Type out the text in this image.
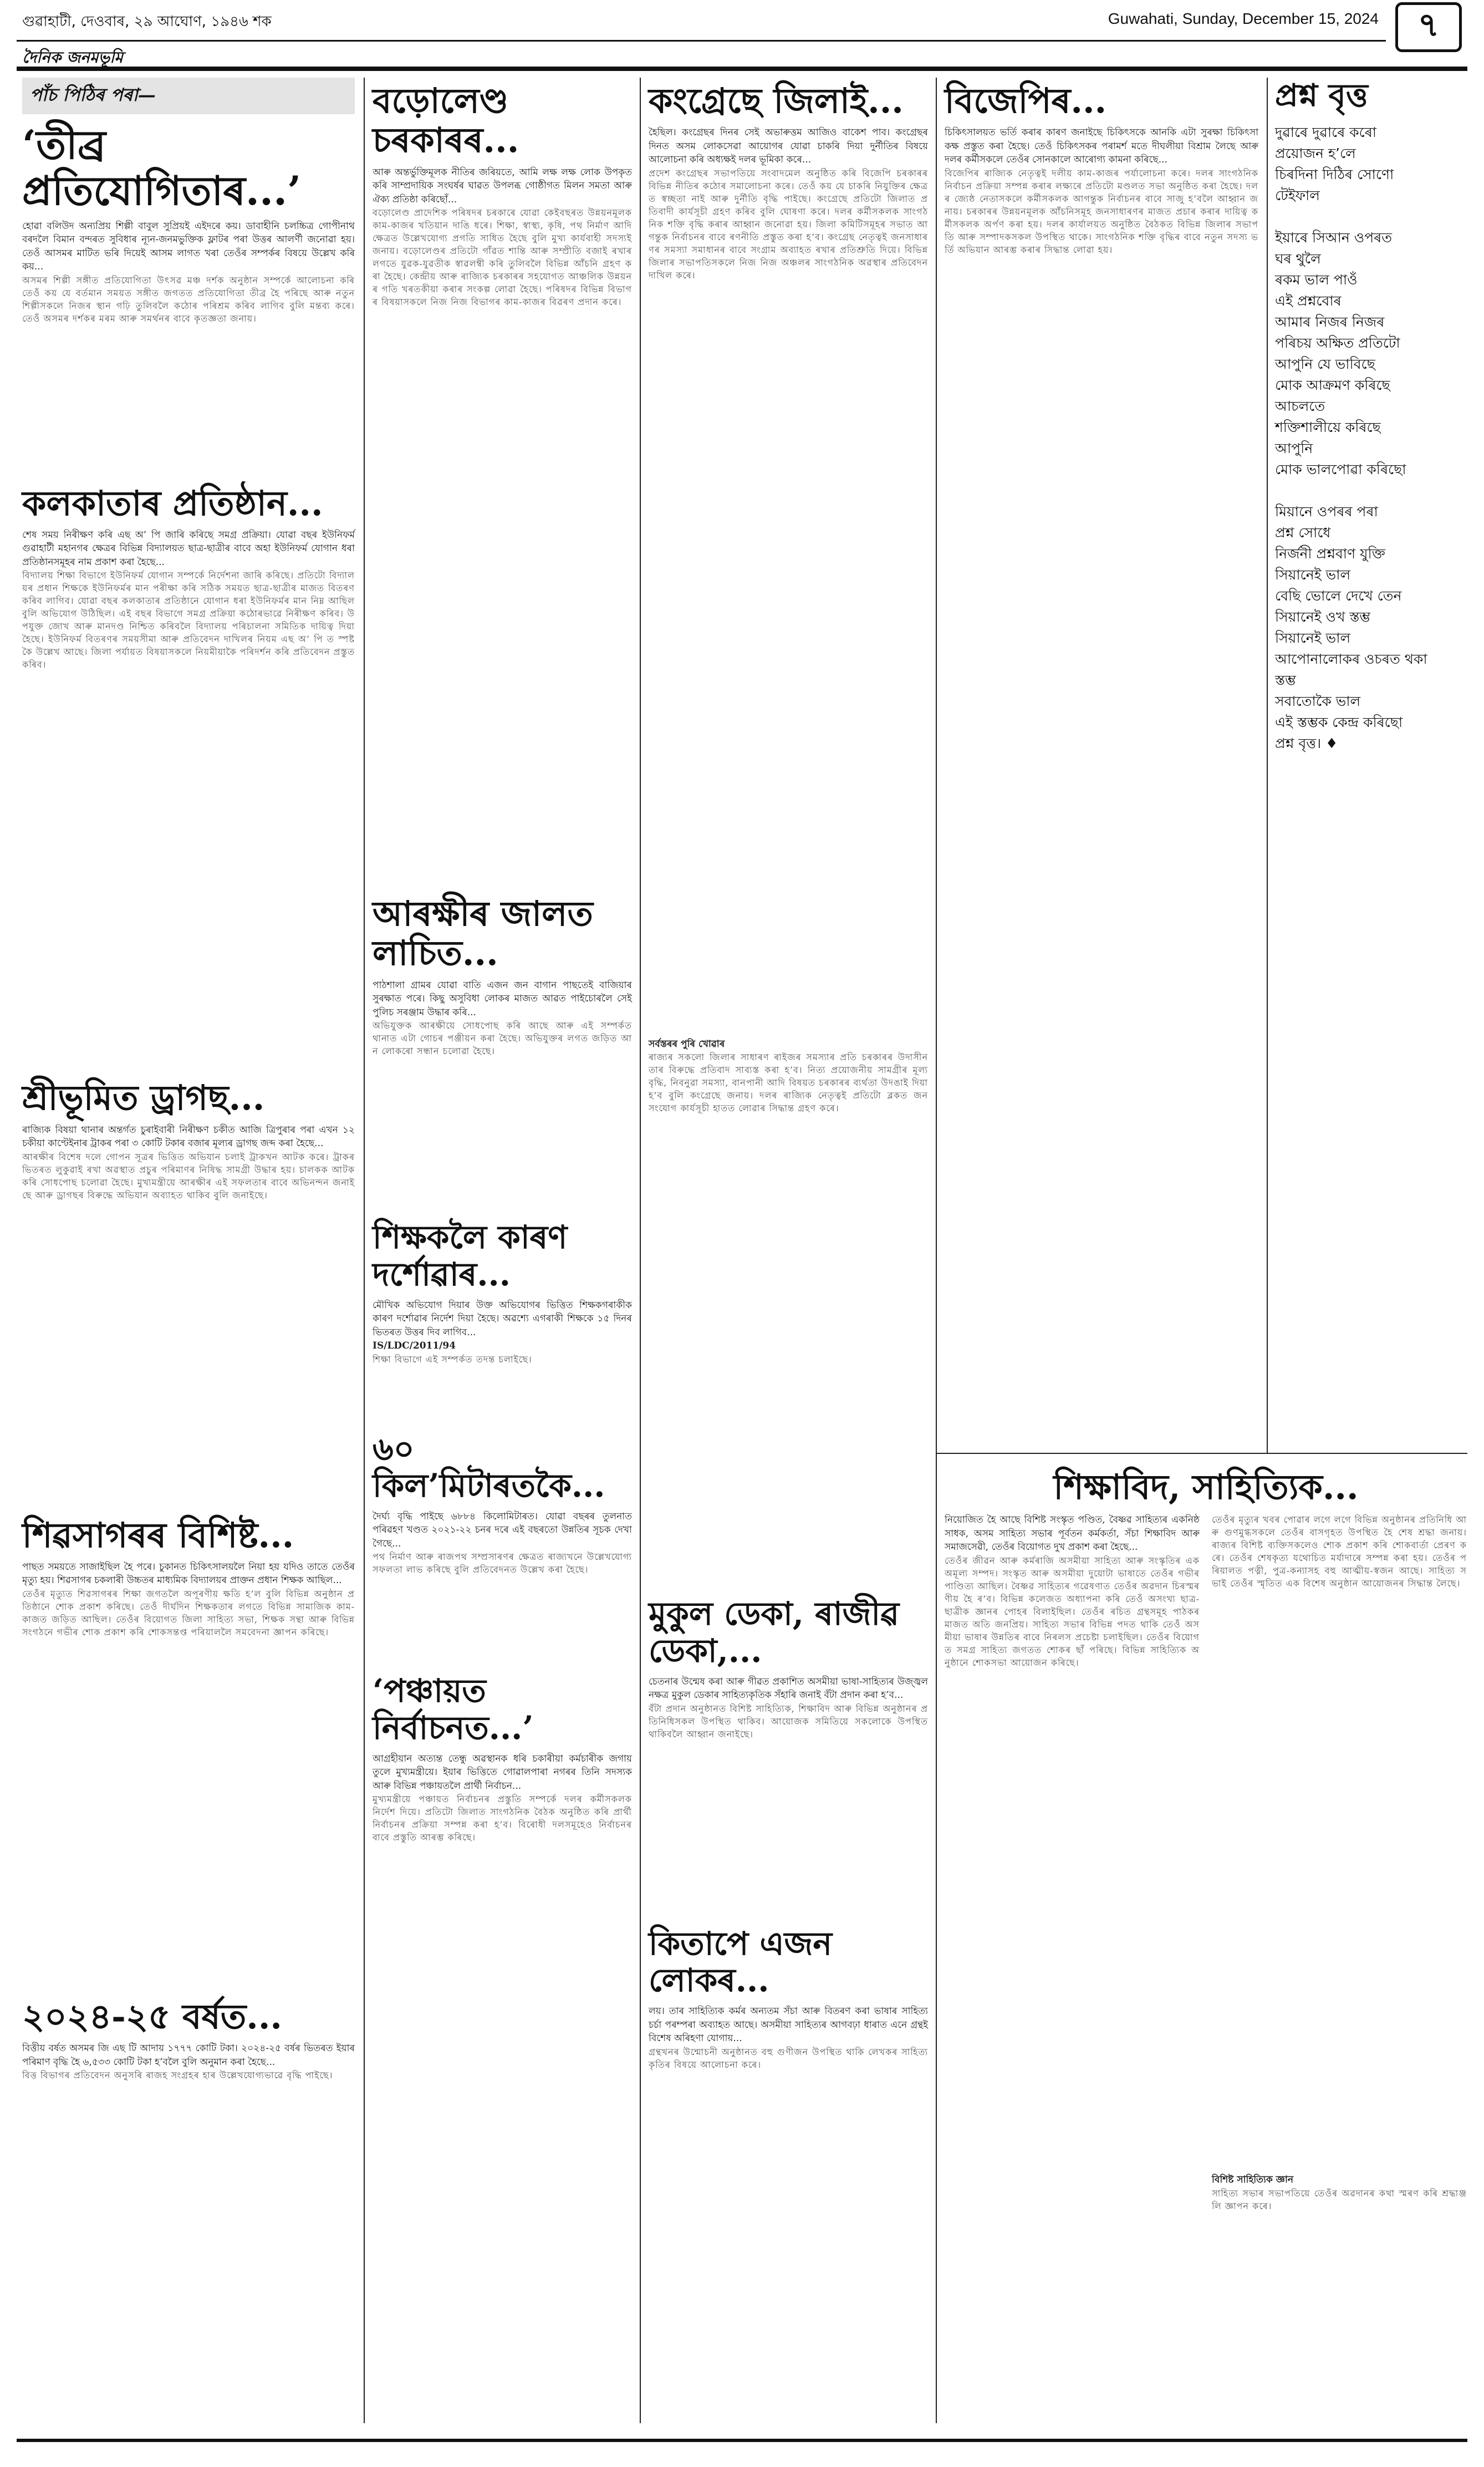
গুৱাহাটী, দেওবাৰ, ২৯ আঘোণ, ১৯৪৬ শক	Guwahati, Sunday, December 15, 2024 ৭
দৈনিক জনমভূমি
পাঁচ পিঠিৰ পৰা—
‘তীব্ৰ প্ৰতিযোগিতাৰ...’
হোৱা বলিউদ অন্যপ্ৰিয় শিল্পী বাবুল সুপ্ৰিয়ই এইদৰে কয়। ডাবাহীনি চলচ্চিত্ৰ গোপীনাথ বৰদলৈ বিমান বন্দৰত সুবিধাৰ ন্যূন-জনমভুক্তিক ফ্লাটৰ পৰা উত্তৰ আলৰ্ণী জনোৱা হয়। তেওঁ আসমৰ মাটিত ভৰি দিয়েই আসম লাগত খৰা তেওঁৰ সম্পৰ্কৰ বিষয়ে উল্লেখ কৰি কয়...
অসমৰ শিল্পী সঙ্গীত প্ৰতিযোগিতা উৎসৱ মঞ্চ দৰ্শক অনুষ্ঠান সম্পৰ্কে আলোচনা কৰি তেওঁ কয় যে বৰ্তমান সময়ত সঙ্গীত জগতত প্ৰতিযোগিতা তীব্ৰ হৈ পৰিছে আৰু নতুন শিল্পীসকলে নিজৰ স্থান গঢ়ি তুলিবলৈ কঠোৰ পৰিশ্ৰম কৰিব লাগিব বুলি মন্তব্য কৰে। তেওঁ অসমৰ দৰ্শকৰ মৰম আৰু সমৰ্থনৰ বাবে কৃতজ্ঞতা জনায়।
কলকাতাৰ প্ৰতিষ্ঠান...
শেষ সময় নিৰীক্ষণ কৰি এছ অ’ পি জাৰি কৰিছে সমগ্ৰ প্ৰক্ৰিয়া। যোৱা বছৰ ইউনিফৰ্ম গুৱাহাটী মহানগৰ ক্ষেত্ৰৰ বিভিন্ন বিদ্যালয়ত ছাত্ৰ-ছাত্ৰীৰ বাবে অহা ইউনিফৰ্ম যোগান ধৰা প্ৰতিষ্ঠানসমূহৰ নাম প্ৰকাশ কৰা হৈছে...
বিদ্যালয় শিক্ষা বিভাগে ইউনিফৰ্ম যোগান সম্পৰ্কে নিৰ্দেশনা জাৰি কৰিছে। প্ৰতিটো বিদ্যালয়ৰ প্ৰধান শিক্ষকে ইউনিফৰ্মৰ মান পৰীক্ষা কৰি সঠিক সময়ত ছাত্ৰ-ছাত্ৰীৰ মাজত বিতৰণ কৰিব লাগিব। যোৱা বছৰ কলকাতাৰ প্ৰতিষ্ঠানে যোগান ধৰা ইউনিফৰ্মৰ মান নিম্ন আছিল বুলি অভিযোগ উঠিছিল। এই বছৰ বিভাগে সমগ্ৰ প্ৰক্ৰিয়া কঠোৰভাৱে নিৰীক্ষণ কৰিব। উপযুক্ত জোখ আৰু মানদণ্ড নিশ্চিত কৰিবলৈ বিদ্যালয় পৰিচালনা সমিতিক দায়িত্ব দিয়া হৈছে। ইউনিফৰ্ম বিতৰণৰ সময়সীমা আৰু প্ৰতিবেদন দাখিলৰ নিয়ম এছ অ’ পি ত স্পষ্টকৈ উল্লেখ আছে। জিলা পৰ্যায়ত বিষয়াসকলে নিয়মীয়াকৈ পৰিদৰ্শন কৰি প্ৰতিবেদন প্ৰস্তুত কৰিব।
শ্ৰীভূমিত ড্ৰাগছ...
ৰাজ্যিক বিষয়া থানাৰ অন্তৰ্গত চুৰাইবাৰী নিৰীক্ষণ চকীত আজি ত্ৰিপুৰাৰ পৰা এখন ১২ চকীয়া কাণ্টেইনাৰ ট্ৰাকৰ পৰা ৩ কোটি টকাৰ বজাৰ মূল্যৰ ড্ৰাগছ জব্দ কৰা হৈছে...
আৰক্ষীৰ বিশেষ দলে গোপন সূত্ৰৰ ভিত্তিত অভিযান চলাই ট্ৰাকখন আটক কৰে। ট্ৰাকৰ ভিতৰত লুকুৱাই ৰখা অৱস্থাত প্ৰচুৰ পৰিমাণৰ নিষিদ্ধ সামগ্ৰী উদ্ধাৰ হয়। চালকক আটক কৰি সোধপোছ চলোৱা হৈছে। মুখ্যমন্ত্ৰীয়ে আৰক্ষীৰ এই সফলতাৰ বাবে অভিনন্দন জনাইছে আৰু ড্ৰাগছৰ বিৰুদ্ধে অভিযান অব্যাহত থাকিব বুলি জনাইছে।
শিৱসাগৰৰ বিশিষ্ট...
পাছত সময়তে সাজাইছিল হৈ পৰে। চুকানত চিকিৎসালয়লৈ নিয়া হয় যদিও তাতে তেওঁৰ মৃত্যু হয়। শিৱসাগৰ চকলাৰী উচ্চতৰ মাধ্যমিক বিদ্যালয়ৰ প্ৰাক্তন প্ৰধান শিক্ষক আছিল...
তেওঁৰ মৃত্যুত শিৱসাগৰৰ শিক্ষা জগতলৈ অপূৰণীয় ক্ষতি হ’ল বুলি বিভিন্ন অনুষ্ঠান প্ৰতিষ্ঠানে শোক প্ৰকাশ কৰিছে। তেওঁ দীৰ্ঘদিন শিক্ষকতাৰ লগতে বিভিন্ন সামাজিক কাম-কাজত জড়িত আছিল। তেওঁৰ বিয়োগত জিলা সাহিত্য সভা, শিক্ষক সন্থা আৰু বিভিন্ন সংগঠনে গভীৰ শোক প্ৰকাশ কৰি শোকসন্তপ্ত পৰিয়াললৈ সমবেদনা জ্ঞাপন কৰিছে।
২০২৪-২৫ বৰ্ষত...
বিত্তীয় বৰ্ষত অসমৰ জি এছ টি আদায় ১৭৭৭ কোটি টকা। ২০২৪-২৫ বৰ্ষৰ ভিতৰত ইয়াৰ পৰিমাণ বৃদ্ধি হৈ ৬,৫৩৩ কোটি টকা হ’বলৈ বুলি অনুমান কৰা হৈছে...
বিত্ত বিভাগৰ প্ৰতিবেদন অনুসৰি ৰাজহ সংগ্ৰহৰ হাৰ উল্লেখযোগ্যভাৱে বৃদ্ধি পাইছে।
বড়োলেণ্ড চৰকাৰৰ...
আৰু অন্তৰ্ভুক্তিমূলক নীতিৰ জৰিয়তে, আমি লক্ষ লক্ষ লোক উপকৃত কৰি সাম্প্ৰদায়িক সংঘৰ্ষৰ ঘাৱত উপলব্ধ গোষ্ঠীগত মিলন সমতা আৰু ঐক্য প্ৰতিষ্ঠা কৰিছোঁ...
বড়োলেণ্ড প্ৰাদেশিক পৰিষদৰ চৰকাৰে যোৱা কেইবছৰত উন্নয়নমূলক কাম-কাজৰ খতিয়ান দাঙি ধৰে। শিক্ষা, স্বাস্থ্য, কৃষি, পথ নিৰ্মাণ আদি ক্ষেত্ৰত উল্লেখযোগ্য প্ৰগতি সাধিত হৈছে বুলি মুখ্য কাৰ্যবাহী সদস্যই জনায়। বড়োলেণ্ডৰ প্ৰতিটো গাঁৱত শান্তি আৰু সম্প্ৰীতি বজাই ৰখাৰ লগতে যুৱক-যুৱতীক স্বাৱলম্বী কৰি তুলিবলৈ বিভিন্ন আঁচনি গ্ৰহণ কৰা হৈছে। কেন্দ্ৰীয় আৰু ৰাজ্যিক চৰকাৰৰ সহযোগত আঞ্চলিক উন্নয়নৰ গতি খৰতকীয়া কৰাৰ সংকল্প লোৱা হৈছে। পৰিষদৰ বিভিন্ন বিভাগৰ বিষয়াসকলে নিজ নিজ বিভাগৰ কাম-কাজৰ বিৱৰণ প্ৰদান কৰে।
আৰক্ষীৰ জালত লাচিত...
পাঠশালা গ্ৰামৰ যোৱা বাতি এজন জন বাগান পাছতেই বাজিয়াৰ সুৰক্ষাত পৰে। কিছু অসুবিধা লোকৰ মাজত আৱত পাইচোৰলৈ সেই পুলিচ সৰঞ্জাম উদ্ধাৰ কৰি...
অভিযুক্তক আৰক্ষীয়ে সোধপোছ কৰি আছে আৰু এই সম্পৰ্কত থানাত এটা গোচৰ পঞ্জীয়ন কৰা হৈছে। অভিযুক্তৰ লগত জড়িত আন লোকৰো সন্ধান চলোৱা হৈছে।
শিক্ষকলৈ কাৰণ দৰ্শোৱাৰ...
মৌখিক অভিযোগ দিয়াৰ উক্ত অভিযোগৰ ভিত্তিত শিক্ষকগৰাকীক কাৰণ দৰ্শোৱাৰ নিৰ্দেশ দিয়া হৈছে। অৱশ্যে এগৰাকী শিক্ষকে ১৫ দিনৰ ভিতৰত উত্তৰ দিব লাগিব...
IS/LDC/2011/94
শিক্ষা বিভাগে এই সম্পৰ্কত তদন্ত চলাইছে।
৬০ কিল’মিটাৰতকৈ...
দৈৰ্ঘ্য বৃদ্ধি পাইছে ৬৮৮৪ কিলোমিটাৰত। যোৱা বছৰৰ তুলনাত পৰিৱহণ খণ্ডত ২০২১-২২ চনৰ দৰে এই বছৰতো উন্নতিৰ সূচক দেখা গৈছে...
পথ নিৰ্মাণ আৰু ৰাজপথ সম্প্ৰসাৰণৰ ক্ষেত্ৰত ৰাজ্যখনে উল্লেখযোগ্য সফলতা লাভ কৰিছে বুলি প্ৰতিবেদনত উল্লেখ কৰা হৈছে।
‘পঞ্চায়ত নিৰ্বাচনত...’
আগ্ৰহীয়ান অত্যন্ত তেন্ধু অৱস্থানক ধৰি চকাৰীয়া কৰ্মচাৰীক জগায় তুলে মুখ্যমন্ত্ৰীয়ে। ইয়াৰ ভিত্তিতে গোৱালপাৰা নগৰৰ তিনি সদস্যক আৰু বিভিন্ন পঞ্চায়তলৈ প্ৰাৰ্থী নিৰ্বাচন...
মুখ্যমন্ত্ৰীয়ে পঞ্চায়ত নিৰ্বাচনৰ প্ৰস্তুতি সম্পৰ্কে দলৰ কৰ্মীসকলক নিৰ্দেশ দিয়ে। প্ৰতিটো জিলাত সাংগঠনিক বৈঠক অনুষ্ঠিত কৰি প্ৰাৰ্থী নিৰ্বাচনৰ প্ৰক্ৰিয়া সম্পন্ন কৰা হ’ব। বিৰোধী দলসমূহেও নিৰ্বাচনৰ বাবে প্ৰস্তুতি আৰম্ভ কৰিছে।
কংগ্ৰেছে জিলাই...
হৈছিল। কংগ্ৰেছৰ দিনৰ সেই অভাৰুত্তম আজিও বাকেশ পাব। কংগ্ৰেছৰ দিনত অসম লোকসেৱা আয়োগৰ যোৱা চাকৰি দিয়া দুৰ্নীতিৰ বিষয়ে আলোচনা কৰি অধ্যক্ষই দলৰ ভূমিকা কৰে...
প্ৰদেশ কংগ্ৰেছৰ সভাপতিয়ে সংবাদমেল অনুষ্ঠিত কৰি বিজেপি চৰকাৰৰ বিভিন্ন নীতিৰ কঠোৰ সমালোচনা কৰে। তেওঁ কয় যে চাকৰি নিযুক্তিৰ ক্ষেত্ৰত স্বচ্ছতা নাই আৰু দুৰ্নীতি বৃদ্ধি পাইছে। কংগ্ৰেছে প্ৰতিটো জিলাত প্ৰতিবাদী কাৰ্যসূচী গ্ৰহণ কৰিব বুলি ঘোষণা কৰে। দলৰ কৰ্মীসকলক সাংগঠনিক শক্তি বৃদ্ধি কৰাৰ আহ্বান জনোৱা হয়। জিলা কমিটিসমূহৰ সভাত আগন্তুক নিৰ্বাচনৰ বাবে ৰণনীতি প্ৰস্তুত কৰা হ’ব। কংগ্ৰেছ নেতৃত্বই জনসাধাৰণৰ সমস্যা সমাধানৰ বাবে সংগ্ৰাম অব্যাহত ৰখাৰ প্ৰতিশ্ৰুতি দিয়ে। বিভিন্ন জিলাৰ সভাপতিসকলে নিজ নিজ অঞ্চলৰ সাংগঠনিক অৱস্থাৰ প্ৰতিবেদন দাখিল কৰে।
সৰ্বস্তৰৰ পুৰি খোৱাৰ
ৰাজ্যৰ সকলো জিলাৰ সাধাৰণ ৰাইজৰ সমস্যাৰ প্ৰতি চৰকাৰৰ উদাসীনতাৰ বিৰুদ্ধে প্ৰতিবাদ সাব্যস্ত কৰা হ’ব। নিত্য প্ৰয়োজনীয় সামগ্ৰীৰ মূল্যবৃদ্ধি, নিবনুৱা সমস্যা, বানপানী আদি বিষয়ত চৰকাৰৰ ব্যৰ্থতা উদঙাই দিয়া হ’ব বুলি কংগ্ৰেছে জনায়। দলৰ ৰাজ্যিক নেতৃত্বই প্ৰতিটো ব্লকত জনসংযোগ কাৰ্যসূচী হাতত লোৱাৰ সিদ্ধান্ত গ্ৰহণ কৰে।
মুকুল ডেকা, ৰাজীৱ ডেকা,...
চেতনাৰ উন্মেষ কৰা আৰু গীৱত প্ৰকাশিত অসমীয়া ভাষা-সাহিত্যৰ উজ্জ্বল নক্ষত্ৰ মুকুল ডেকাৰ সাহিত্যকৃতিক সঁহাৰি জনাই বঁটা প্ৰদান কৰা হ’ব...
বঁটা প্ৰদান অনুষ্ঠানত বিশিষ্ট সাহিত্যিক, শিক্ষাবিদ আৰু বিভিন্ন অনুষ্ঠানৰ প্ৰতিনিধিসকল উপস্থিত থাকিব। আয়োজক সমিতিয়ে সকলোকে উপস্থিত থাকিবলৈ আহ্বান জনাইছে।
কিতাপে এজন লোকৰ...
লয়। তাৰ সাহিত্যিক কৰ্মৰ অন্যতম সঁচা আৰু বিতৰণ কৰা ভাষাৰ সাহিত্য চৰ্চা পৰম্পৰা অব্যাহত আছে। অসমীয়া সাহিত্যৰ আগবঢ়া ধাৰাত এনে গ্ৰন্থই বিশেষ অৰিহণা যোগায়...
গ্ৰন্থখনৰ উন্মোচনী অনুষ্ঠানত বহু গুণীজন উপস্থিত থাকি লেখকৰ সাহিত্যকৃতিৰ বিষয়ে আলোচনা কৰে।
বিজেপিৰ...
চিকিৎসালয়ত ভৰ্তি কৰাৰ কাৰণ জনাইছে চিকিৎসকে আনকি এটা সুৰক্ষা চিকিৎসা কক্ষ প্ৰস্তুত কৰা হৈছে। তেওঁ চিকিৎসকৰ পৰামৰ্শ মতে দীঘলীয়া বিশ্ৰাম লৈছে আৰু দলৰ কৰ্মীসকলে তেওঁৰ সোনকালে আৰোগ্য কামনা কৰিছে...
বিজেপিৰ ৰাজ্যিক নেতৃত্বই দলীয় কাম-কাজৰ পৰ্যালোচনা কৰে। দলৰ সাংগঠনিক নিৰ্বাচন প্ৰক্ৰিয়া সম্পন্ন কৰাৰ লক্ষ্যৰে প্ৰতিটো মণ্ডলত সভা অনুষ্ঠিত কৰা হৈছে। দলৰ জ্যেষ্ঠ নেতাসকলে কৰ্মীসকলক আগন্তুক নিৰ্বাচনৰ বাবে সাজু হ’বলৈ আহ্বান জনায়। চৰকাৰৰ উন্নয়নমূলক আঁচনিসমূহ জনসাধাৰণৰ মাজত প্ৰচাৰ কৰাৰ দায়িত্ব কৰ্মীসকলক অৰ্পণ কৰা হয়। দলৰ কাৰ্যালয়ত অনুষ্ঠিত বৈঠকত বিভিন্ন জিলাৰ সভাপতি আৰু সম্পাদকসকল উপস্থিত থাকে। সাংগঠনিক শক্তি বৃদ্ধিৰ বাবে নতুন সদস্য ভৰ্তি অভিযান আৰম্ভ কৰাৰ সিদ্ধান্ত লোৱা হয়।
প্ৰশ্ন বৃত্ত
দুৱাৰে দুৱাৰে কৰো
প্ৰয়োজন হ’লে
চিৰদিনা দিঠিৰ সোণো
টেইফাল

ইয়াৰে সিআন ওপৰত
ঘৰ থুলৈ
ৰকম ভাল পাওঁ
এই প্ৰশ্নবোৰ
আমাৰ নিজৰ নিজৰ
পৰিচয় অক্ষিত প্ৰতিটো
আপুনি যে ভাবিছে
মোক আক্ৰমণ কৰিছে
আচলতে
শক্তিশালীয়ে কৰিছে
আপুনি
মোক ভালপোৱা কৰিছো

মিয়ানে ওপৰৰ পৰা
প্ৰশ্ন সোধে
নিৰ্জনী প্ৰশ্নবাণ যুক্তি
সিয়ানেই ভাল
বেছি ভোলে দেখে তেন
সিয়ানেই ওখ স্তম্ভ
সিয়ানেই ভাল
আপোনালোকৰ ওচৰত থকা
স্তম্ভ
সবাতোকৈ ভাল
এই স্তম্ভক কেন্দ্ৰ কৰিছো
প্ৰশ্ন বৃত্ত। ♦
শিক্ষাবিদ, সাহিত্যিক...
নিয়োজিত হৈ আছে বিশিষ্ট সংস্কৃত পণ্ডিত, বৈষ্ণৱ সাহিত্যৰ একনিষ্ঠ সাধক, অসম সাহিত্য সভাৰ পূৰ্বতন কৰ্মকৰ্তা, সঁচা শিক্ষাবিদ আৰু সমাজসেৱী, তেওঁৰ বিয়োগত দুখ প্ৰকাশ কৰা হৈছে...
তেওঁৰ জীৱন আৰু কৰ্মৰাজি অসমীয়া সাহিত্য আৰু সংস্কৃতিৰ এক অমূল্য সম্পদ। সংস্কৃত আৰু অসমীয়া দুয়োটা ভাষাতে তেওঁৰ গভীৰ পাণ্ডিত্য আছিল। বৈষ্ণৱ সাহিত্যৰ গৱেষণাত তেওঁৰ অৱদান চিৰস্মৰণীয় হৈ ৰ’ব। বিভিন্ন কলেজত অধ্যাপনা কৰি তেওঁ অসংখ্য ছাত্ৰ-ছাত্ৰীক জ্ঞানৰ পোহৰ বিলাইছিল। তেওঁৰ ৰচিত গ্ৰন্থসমূহ পাঠকৰ মাজত অতি জনপ্ৰিয়। সাহিত্য সভাৰ বিভিন্ন পদত থাকি তেওঁ অসমীয়া ভাষাৰ উন্নতিৰ বাবে নিৰলস প্ৰচেষ্টা চলাইছিল। তেওঁৰ বিয়োগত সমগ্ৰ সাহিত্য জগতত শোকৰ ছাঁ পৰিছে। বিভিন্ন সাহিত্যিক অনুষ্ঠানে শোকসভা আয়োজন কৰিছে।
তেওঁৰ মৃত্যুৰ খবৰ পোৱাৰ লগে লগে বিভিন্ন অনুষ্ঠানৰ প্ৰতিনিধি আৰু গুণমুগ্ধসকলে তেওঁৰ বাসগৃহত উপস্থিত হৈ শেষ শ্ৰদ্ধা জনায়। ৰাজ্যৰ বিশিষ্ট ব্যক্তিসকলেও শোক প্ৰকাশ কৰি শোকবাৰ্তা প্ৰেৰণ কৰে। তেওঁৰ শেষকৃত্য যথোচিত মৰ্যাদাৰে সম্পন্ন কৰা হয়। তেওঁৰ পৰিয়ালত পত্নী, পুত্ৰ-কন্যাসহ বহু আত্মীয়-স্বজন আছে। সাহিত্য সভাই তেওঁৰ স্মৃতিত এক বিশেষ অনুষ্ঠান আয়োজনৰ সিদ্ধান্ত লৈছে।
বিশিষ্ট সাহিত্যিক জ্ঞান
সাহিত্য সভাৰ সভাপতিয়ে তেওঁৰ অৱদানৰ কথা স্মৰণ কৰি শ্ৰদ্ধাঞ্জলি জ্ঞাপন কৰে।
